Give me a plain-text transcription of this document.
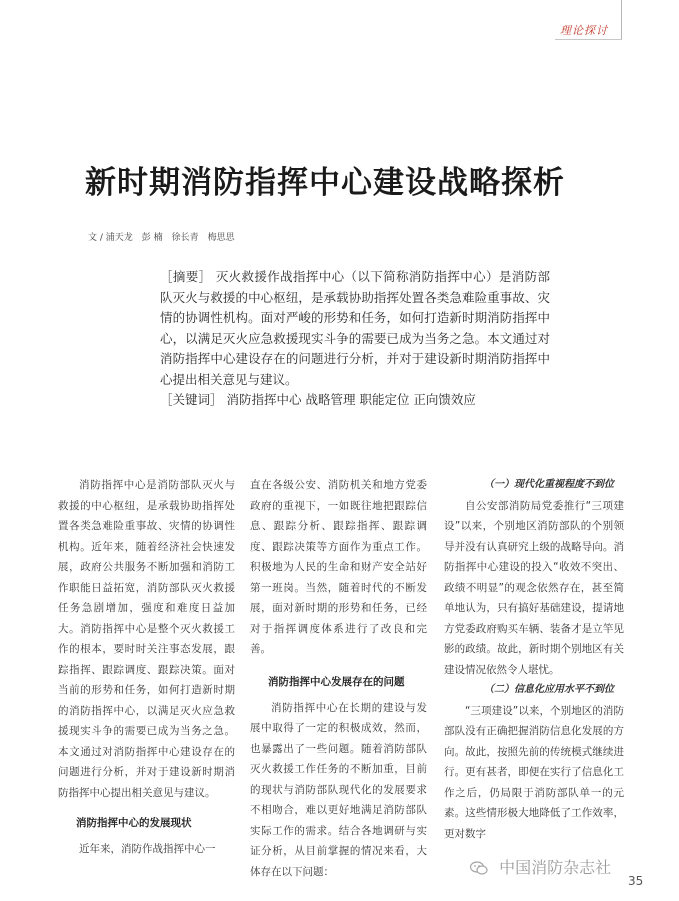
理论探讨
新时期消防指挥中心建设战略探析
文 / 浦天龙　彭 楠　徐长青　梅思思

［摘要］ 灭火救援作战指挥中心（以下简称消防指挥中心）是消防部队灭火与救援的中心枢纽，是承载协助指挥处置各类急难险重事故、灾情的协调性机构。面对严峻的形势和任务，如何打造新时期消防指挥中心，以满足灭火应急救援现实斗争的需要已成为当务之急。本文通过对消防指挥中心建设存在的问题进行分析，并对于建设新时期消防指挥中心提出相关意见与建议。

［关键词］ 消防指挥中心 战略管理 职能定位 正向馈效应

消防指挥中心是消防部队灭火与救援的中心枢纽，是承载协助指挥处置各类急难险重事故、灾情的协调性机构。近年来，随着经济社会快速发展，政府公共服务不断加强和消防工作职能日益拓宽，消防部队灭火救援任务急剧增加，强度和难度日益加大。消防指挥中心是整个灭火救援工作的根本，要时时关注事态发展，跟踪指挥、跟踪调度、跟踪决策。面对当前的形势和任务，如何打造新时期的消防指挥中心，以满足灭火应急救援现实斗争的需要已成为当务之急。本文通过对消防指挥中心建设存在的问题进行分析，并对于建设新时期消防指挥中心提出相关意见与建议。

消防指挥中心的发展现状

近年来，消防作战指挥中心一

直在各级公安、消防机关和地方党委政府的重视下，一如既往地把跟踪信息、跟踪分析、跟踪指挥、跟踪调度、跟踪决策等方面作为重点工作。积极地为人民的生命和财产安全站好第一班岗。当然，随着时代的不断发展，面对新时期的形势和任务，已经对于指挥调度体系进行了改良和完善。

消防指挥中心发展存在的问题

消防指挥中心在长期的建设与发展中取得了一定的积极成效，然而，也暴露出了一些问题。随着消防部队灭火救援工作任务的不断加重，目前的现状与消防部队现代化的发展要求不相吻合，难以更好地满足消防部队实际工作的需求。结合各地调研与实证分析，从目前掌握的情况来看，大体存在以下问题：

（一）现代化重视程度不到位

自公安部消防局党委推行“三项建设”以来，个别地区消防部队的个别领导并没有认真研究上级的战略导向。消防指挥中心建设的投入“收效不突出、政绩不明显”的观念依然存在，甚至简单地认为，只有搞好基础建设，提请地方党委政府购买车辆、装备才是立竿见影的政绩。故此，新时期个别地区有关建设情况依然令人堪忧。

（二）信息化应用水平不到位

“三项建设”以来，个别地区的消防部队没有正确把握消防信息化发展的方向。故此，按照先前的传统模式继续进行。更有甚者，即便在实行了信息化工作之后，仍局限于消防部队单一的元素。这些情形极大地降低了工作效率，更对数字

中国消防杂志社
35
